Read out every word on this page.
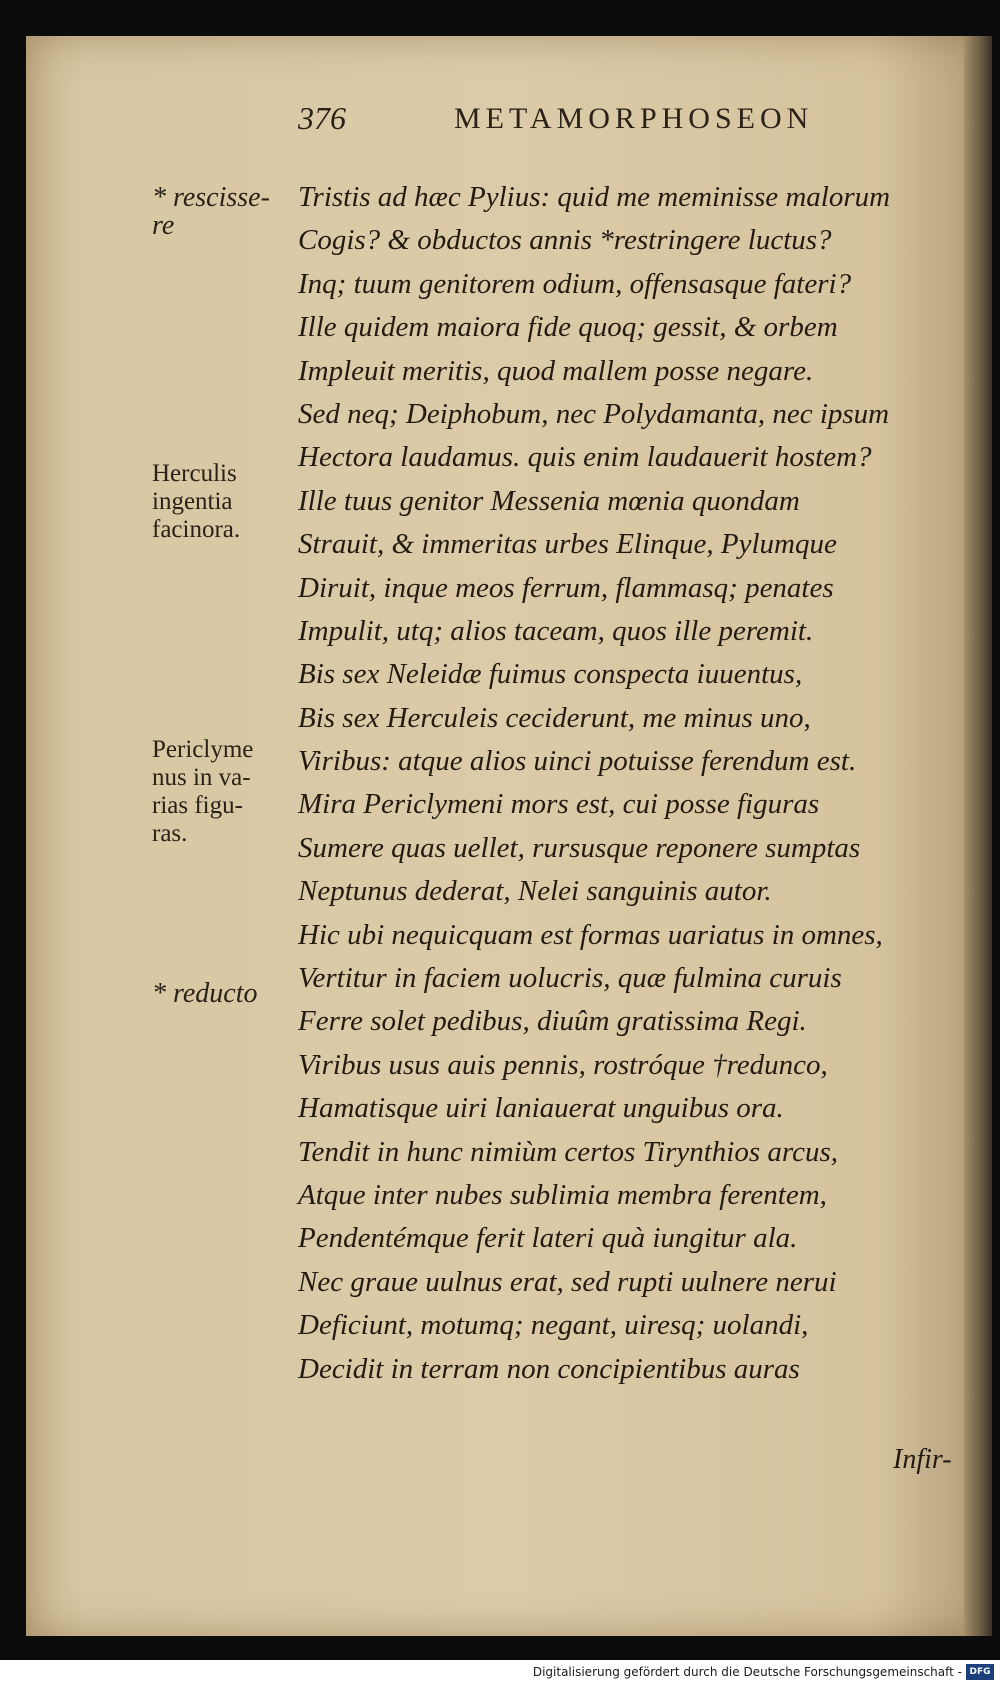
376	METAMORPHOSEON
Tristis ad hæc Pylius: quid me meminisse malorum
Cogis? & obductos annis *restringere luctus?
Inq; tuum genitorem odium, offensasque fateri?
Ille quidem maiora fide quoq; gessit, & orbem
Impleuit meritis, quod mallem posse negare.
Sed neq; Deiphobum, nec Polydamanta, nec ipsum
Hectora laudamus. quis enim laudauerit hostem?
Ille tuus genitor Messenia mœnia quondam
Strauit, & immeritas urbes Elinque, Pylumque
Diruit, inque meos ferrum, flammasq; penates
Impulit, utq; alios taceam, quos ille peremit.
Bis sex Neleidæ fuimus conspecta iuuentus,
Bis sex Herculeis ceciderunt, me minus uno,
Viribus: atque alios uinci potuisse ferendum est.
Mira Periclymeni mors est, cui posse figuras
Sumere quas uellet, rursusque reponere sumptas
Neptunus dederat, Nelei sanguinis autor.
Hic ubi nequicquam est formas uariatus in omnes,
Vertitur in faciem uolucris, quæ fulmina curuis
Ferre solet pedibus, diuûm gratissima Regi.
Viribus usus auis pennis, rostróque †redunco,
Hamatisque uiri laniauerat unguibus ora.
Tendit in hunc nimiùm certos Tirynthios arcus,
Atque inter nubes sublimia membra ferentem,
Pendentémque ferit lateri quà iungitur ala.
Nec graue uulnus erat, sed rupti uulnere nerui
Deficiunt, motumq; negant, uiresq; uolandi,
Decidit in terram non concipientibus auras
* rescisse-
re
Herculis
ingentia
facinora.
Periclyme
nus in va-
rias figu-
ras.
* reducto
Infir-
Digitalisierung gefördert durch die Deutsche Forschungsgemeinschaft - DFG
